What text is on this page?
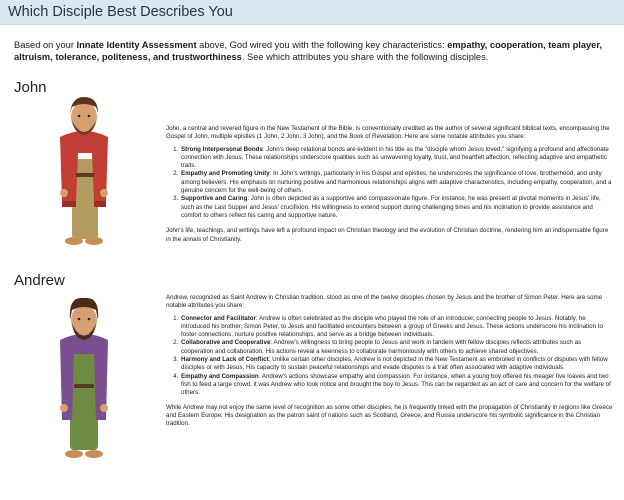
Which Disciple Best Describes You
Based on your Innate Identity Assessment above, God wired you with the following key characteristics: empathy, cooperation, team player, altruism, tolerance, politeness, and trustworthiness. See which attributes you share with the following disciples.
John

John, a central and revered figure in the New Testament of the Bible, is conventionally credited as the author of several significant biblical texts, encompassing the Gospel of John, multiple epistles (1 John, 2 John, 3 John), and the Book of Revelation. Here are some notable attributes you share:

1. Strong Interpersonal Bonds: John's deep relational bonds are evident in his title as the "disciple whom Jesus loved," signifying a profound and affectionate connection with Jesus. These relationships underscore qualities such as unwavering loyalty, trust, and heartfelt affection, reflecting adaptive and empathetic traits.
2. Empathy and Promoting Unity: In John's writings, particularly in his Gospel and epistles, he underscores the significance of love, brotherhood, and unity among believers. His emphasis on nurturing positive and harmonious relationships aligns with adaptive characteristics, including empathy, cooperation, and a genuine concern for the well-being of others.
3. Supportive and Caring: John is often depicted as a supportive and compassionate figure. For instance, he was present at pivotal moments in Jesus' life, such as the Last Supper and Jesus' crucifixion. His willingness to extend support during challenging times and his inclination to provide assistance and comfort to others reflect his caring and supportive nature.

John's life, teachings, and writings have left a profound impact on Christian theology and the evolution of Christian doctrine, rendering him an indispensable figure in the annals of Christianity.

Andrew

Andrew, recognized as Saint Andrew in Christian tradition, stood as one of the twelve disciples chosen by Jesus and the brother of Simon Peter. Here are some notable attributes you share:

1. Connector and Facilitator: Andrew is often celebrated as the disciple who played the role of an introducer, connecting people to Jesus. Notably, he introduced his brother, Simon Peter, to Jesus and facilitated encounters between a group of Greeks and Jesus. These actions underscore his inclination to foster connections, nurture positive relationships, and serve as a bridge between individuals.
2. Collaborative and Cooperative: Andrew's willingness to bring people to Jesus and work in tandem with fellow disciples reflects attributes such as cooperation and collaboration. His actions reveal a keenness to collaborate harmoniously with others to achieve shared objectives.
3. Harmony and Lack of Conflict: Unlike certain other disciples, Andrew is not depicted in the New Testament as embroiled in conflicts or disputes with fellow disciples or with Jesus. His capacity to sustain peaceful relationships and evade disputes is a trait often associated with adaptive individuals.
4. Empathy and Compassion: Andrew's actions showcase empathy and compassion. For instance, when a young boy offered his meager five loaves and two fish to feed a large crowd, it was Andrew who took notice and brought the boy to Jesus. This can be regarded as an act of care and concern for the welfare of others.

While Andrew may not enjoy the same level of recognition as some other disciples, he is frequently linked with the propagation of Christianity in regions like Greece and Eastern Europe. His designation as the patron saint of nations such as Scotland, Greece, and Russia underscore his symbolic significance in the Christian tradition.
